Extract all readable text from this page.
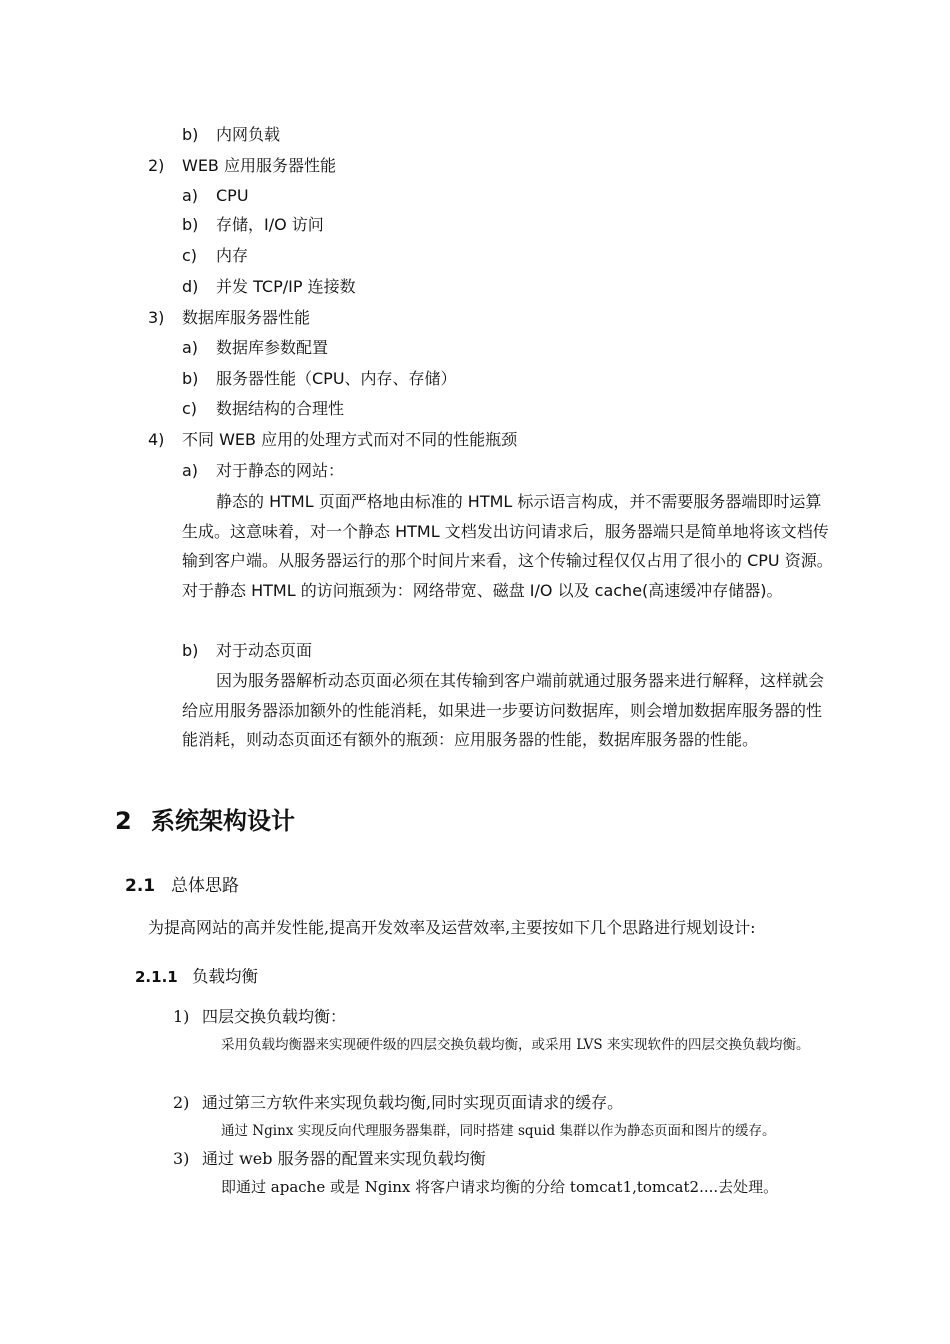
b) 内网负载
2) WEB 应用服务器性能
a) CPU
b) 存储，I/O 访问
c) 内存
d) 并发 TCP/IP 连接数
3) 数据库服务器性能
a) 数据库参数配置
b) 服务器性能（CPU、内存、存储）
c) 数据结构的合理性
4) 不同 WEB 应用的处理方式而对不同的性能瓶颈
a) 对于静态的网站：
静态的 HTML 页面严格地由标准的 HTML 标示语言构成，并不需要服务器端即时运算生成。这意味着，对一个静态 HTML 文档发出访问请求后，服务器端只是简单地将该文档传输到客户端。从服务器运行的那个时间片来看，这个传输过程仅仅占用了很小的 CPU 资源。对于静态 HTML 的访问瓶颈为：网络带宽、磁盘 I/O 以及 cache(高速缓冲存储器)。
b) 对于动态页面
因为服务器解析动态页面必须在其传输到客户端前就通过服务器来进行解释，这样就会给应用服务器添加额外的性能消耗，如果进一步要访问数据库，则会增加数据库服务器的性能消耗，则动态页面还有额外的瓶颈：应用服务器的性能，数据库服务器的性能。
2 系统架构设计
2.1 总体思路
为提高网站的高并发性能,提高开发效率及运营效率,主要按如下几个思路进行规划设计:
2.1.1 负载均衡
1) 四层交换负载均衡：
采用负载均衡器来实现硬件级的四层交换负载均衡，或采用 LVS 来实现软件的四层交换负载均衡。
2) 通过第三方软件来实现负载均衡,同时实现页面请求的缓存。
通过 Nginx 实现反向代理服务器集群，同时搭建 squid 集群以作为静态页面和图片的缓存。
3) 通过 web 服务器的配置来实现负载均衡
即通过 apache 或是 Nginx 将客户请求均衡的分给 tomcat1,tomcat2....去处理。
